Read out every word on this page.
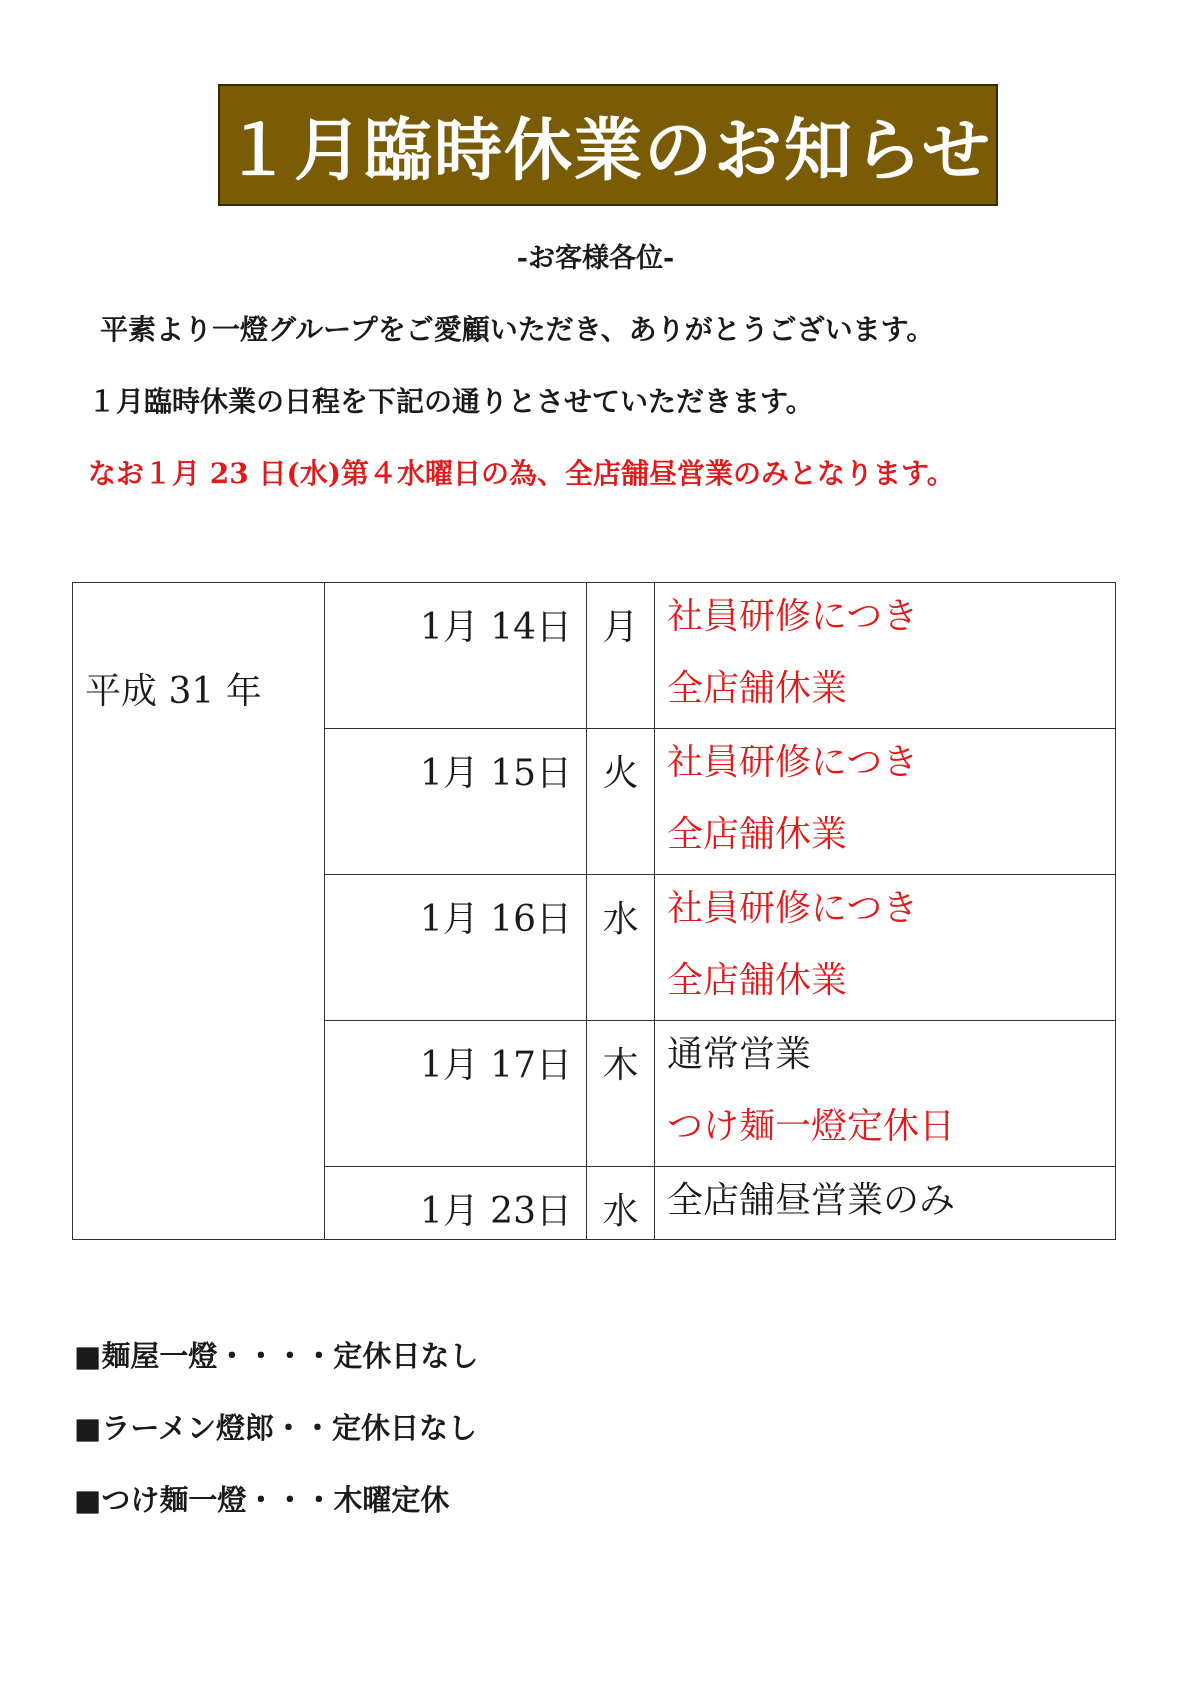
１月臨時休業のお知らせ
-お客様各位-
平素より一燈グループをご愛顧いただき、ありがとうございます。
１月臨時休業の日程を下記の通りとさせていただきます。
なお１月 23 日(水)第４水曜日の為、全店舗昼営業のみとなります。
平成 31 年	1月 14日	月	社員研修につき
全店舗休業

	1月 15日	火	社員研修につき
全店舗休業

	1月 16日	水	社員研修につき
全店舗休業

	1月 17日	木	通常営業
つけ麺一燈定休日

	1月 23日	水	全店舗昼営業のみ
■麺屋一燈・・・・定休日なし
■ラーメン燈郎・・定休日なし
■つけ麺一燈・・・木曜定休
